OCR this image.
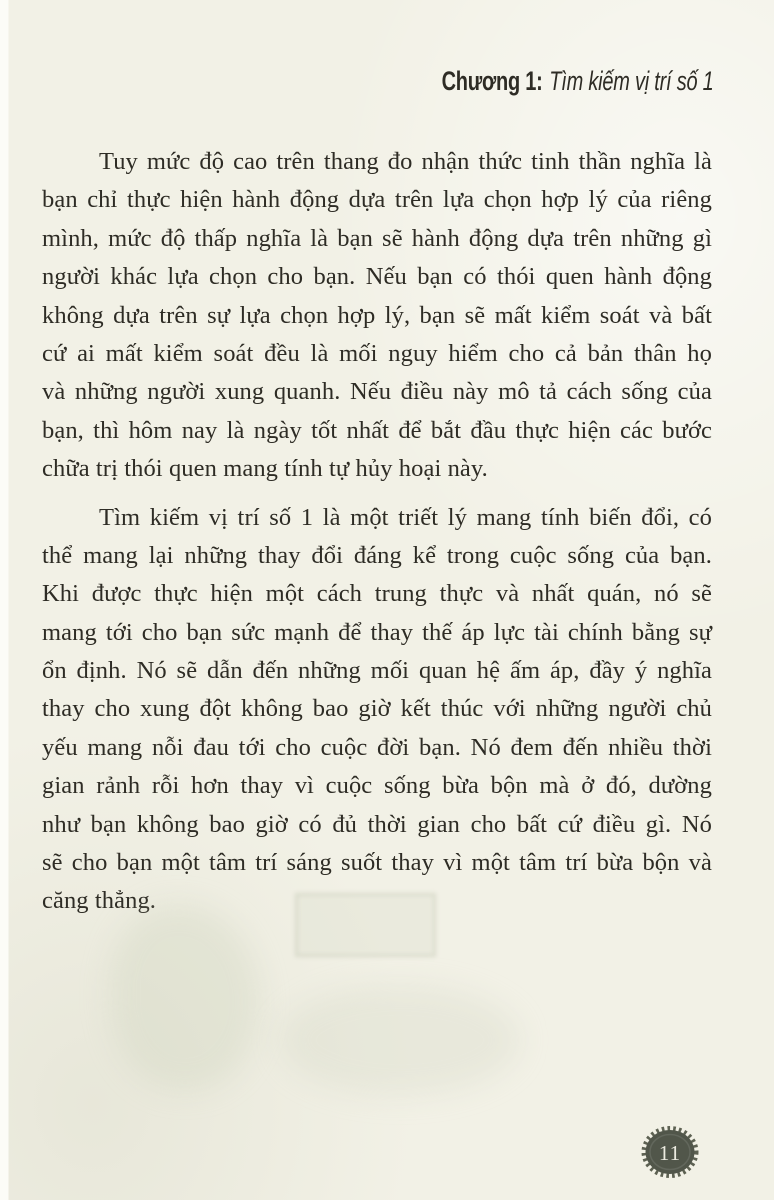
Chương 1: Tìm kiếm vị trí số 1
Tuy mức độ cao trên thang đo nhận thức tinh thần nghĩa là
bạn chỉ thực hiện hành động dựa trên lựa chọn hợp lý của riêng
mình, mức độ thấp nghĩa là bạn sẽ hành động dựa trên những gì
người khác lựa chọn cho bạn. Nếu bạn có thói quen hành động
không dựa trên sự lựa chọn hợp lý, bạn sẽ mất kiểm soát và bất
cứ ai mất kiểm soát đều là mối nguy hiểm cho cả bản thân họ
và những người xung quanh. Nếu điều này mô tả cách sống của
bạn, thì hôm nay là ngày tốt nhất để bắt đầu thực hiện các bước
chữa trị thói quen mang tính tự hủy hoại này.
Tìm kiếm vị trí số 1 là một triết lý mang tính biến đổi, có
thể mang lại những thay đổi đáng kể trong cuộc sống của bạn.
Khi được thực hiện một cách trung thực và nhất quán, nó sẽ
mang tới cho bạn sức mạnh để thay thế áp lực tài chính bằng sự
ổn định. Nó sẽ dẫn đến những mối quan hệ ấm áp, đầy ý nghĩa
thay cho xung đột không bao giờ kết thúc với những người chủ
yếu mang nỗi đau tới cho cuộc đời bạn. Nó đem đến nhiều thời
gian rảnh rỗi hơn thay vì cuộc sống bừa bộn mà ở đó, dường
như bạn không bao giờ có đủ thời gian cho bất cứ điều gì. Nó
sẽ cho bạn một tâm trí sáng suốt thay vì một tâm trí bừa bộn và
căng thẳng.
11
